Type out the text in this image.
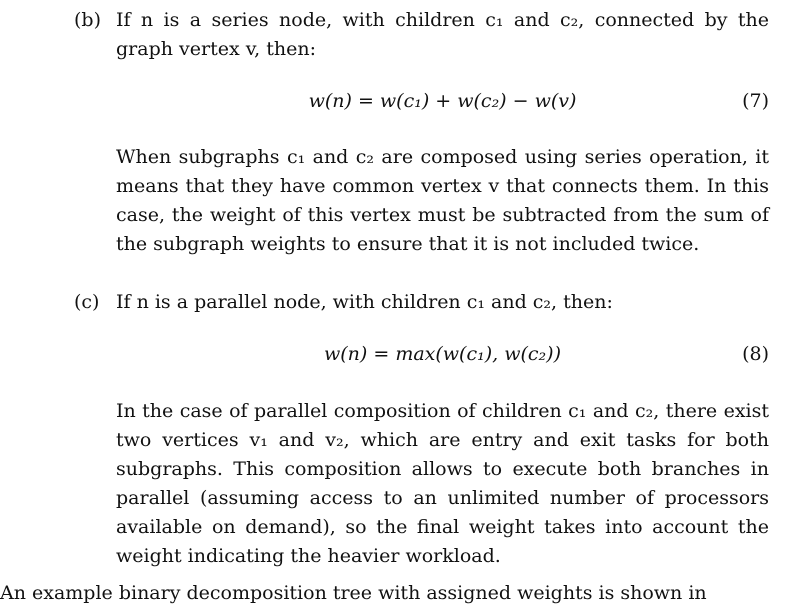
(b) If n is a series node, with children c₁ and c₂, connected by the graph vertex v, then:

w(n) = w(c₁) + w(c₂) − w(v)	(7)

When subgraphs c₁ and c₂ are composed using series operation, it means that they have common vertex v that connects them. In this case, the weight of this vertex must be subtracted from the sum of the subgraph weights to ensure that it is not included twice.

(c) If n is a parallel node, with children c₁ and c₂, then:

w(n) = max(w(c₁), w(c₂))	(8)

In the case of parallel composition of children c₁ and c₂, there exist two vertices v₁ and v₂, which are entry and exit tasks for both subgraphs. This composition allows to execute both branches in parallel (assuming access to an unlimited number of processors available on demand), so the final weight takes into account the weight indicating the heavier workload.

An example binary decomposition tree with assigned weights is shown in
